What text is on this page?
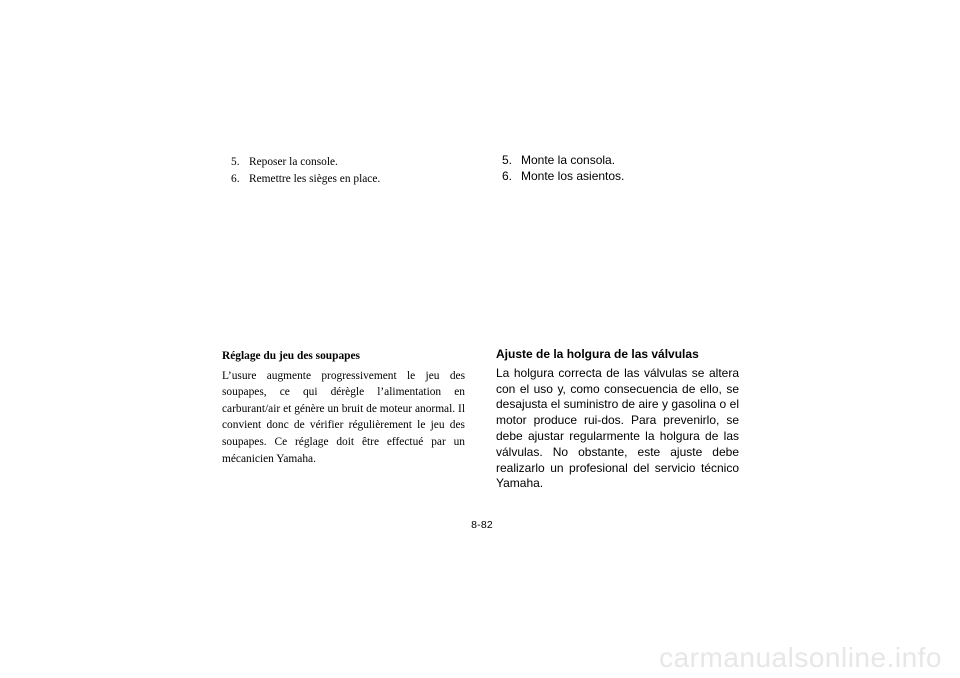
5. Reposer la console.
6. Remettre les sièges en place.
5. Monte la consola.
6. Monte los asientos.
Réglage du jeu des soupapes

L’usure augmente progressivement le jeu des soupapes, ce qui dérègle l’alimentation en carburant/air et génère un bruit de moteur anormal. Il convient donc de vérifier régulièrement le jeu des soupapes. Ce réglage doit être effectué par un mécanicien Yamaha.

Ajuste de la holgura de las válvulas

La holgura correcta de las válvulas se altera con el uso y, como consecuencia de ello, se desajusta el suministro de aire y gasolina o el motor produce rui-dos. Para prevenirlo, se debe ajustar regularmente la holgura de las válvulas. No obstante, este ajuste debe realizarlo un profesional del servicio técnico Yamaha.

8-82
carmanualsonline.info
